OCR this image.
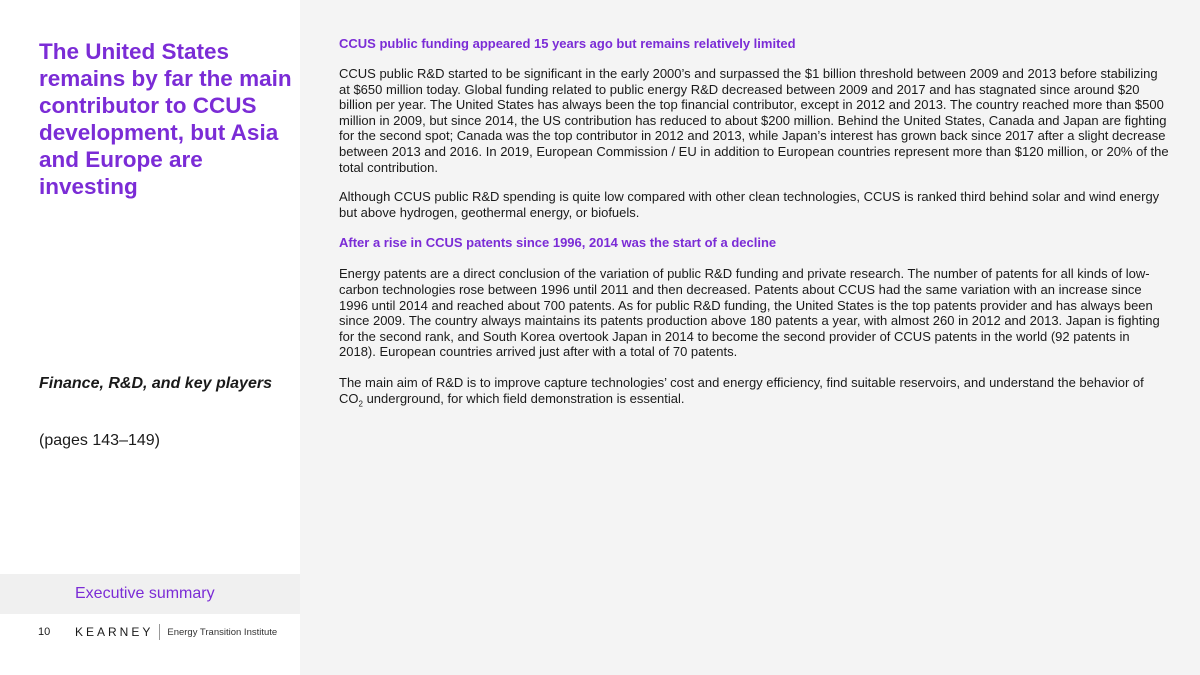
The United States remains by far the main contributor to CCUS development, but Asia and Europe are investing
Finance, R&D, and key players
(pages 143–149)
Executive summary
10	KEARNEY Energy Transition Institute

CCUS public funding appeared 15 years ago but remains relatively limited

CCUS public R&D started to be significant in the early 2000’s and surpassed the $1 billion threshold between 2009 and 2013 before stabilizing at $650 million today. Global funding related to public energy R&D decreased between 2009 and 2017 and has stagnated since around $20 billion per year. The United States has always been the top financial contributor, except in 2012 and 2013. The country reached more than $500 million in 2009, but since 2014, the US contribution has reduced to about $200 million. Behind the United States, Canada and Japan are fighting for the second spot; Canada was the top contributor in 2012 and 2013, while Japan’s interest has grown back since 2017 after a slight decrease between 2013 and 2016. In 2019, European Commission / EU in addition to European countries represent more than $120 million, or 20% of the total contribution.

Although CCUS public R&D spending is quite low compared with other clean technologies, CCUS is ranked third behind solar and wind energy but above hydrogen, geothermal energy, or biofuels.

After a rise in CCUS patents since 1996, 2014 was the start of a decline

Energy patents are a direct conclusion of the variation of public R&D funding and private research. The number of patents for all kinds of low-carbon technologies rose between 1996 until 2011 and then decreased. Patents about CCUS had the same variation with an increase since 1996 until 2014 and reached about 700 patents. As for public R&D funding, the United States is the top patents provider and has always been since 2009. The country always maintains its patents production above 180 patents a year, with almost 260 in 2012 and 2013. Japan is fighting for the second rank, and South Korea overtook Japan in 2014 to become the second provider of CCUS patents in the world (92 patents in 2018). European countries arrived just after with a total of 70 patents.

The main aim of R&D is to improve capture technologies’ cost and energy efficiency, find suitable reservoirs, and understand the behavior of $CO_2$ underground, for which field demonstration is essential.
